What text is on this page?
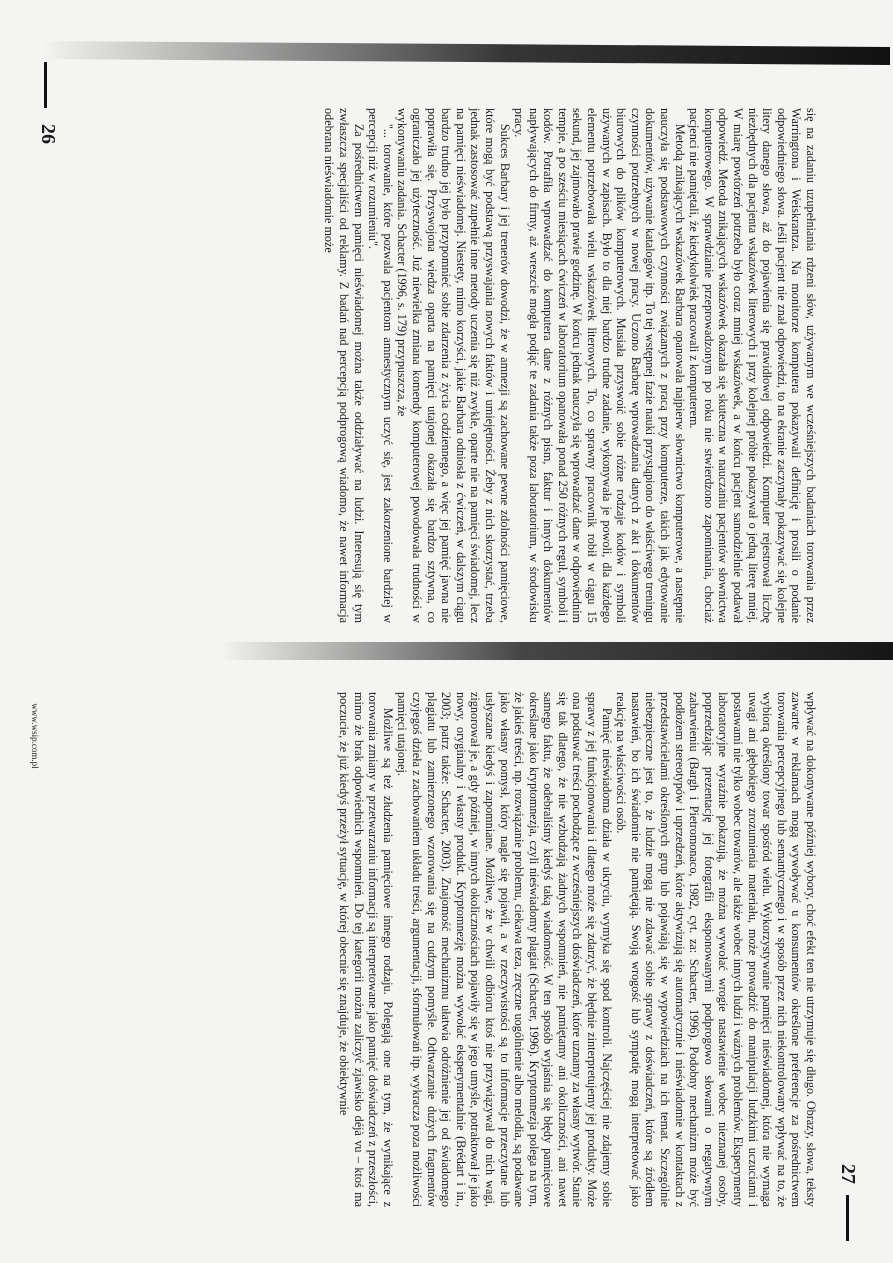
26	się na zadaniu uzupełniania rdzeni słów, używanym we wcześniejszych badaniach torowania przez Warringtona i Weiskrantza. Na monitorze komputera pokazywali definicję i prosili o podanie odpowiedniego słowa. Jeśli pacjent nie znał odpowiedzi, to na ekranie zaczynały pokazywać się kolejne litery danego słowa, aż do pojawienia się prawidłowej odpowiedzi. Komputer rejestrował liczbę niezbędnych dla pacjenta wskazówek literowych i przy kolejnej próbie pokazywał o jedną literę mniej. W miarę powtórzeń potrzeba było coraz mniej wskazówek, a w końcu pacjent samodzielnie podawał odpowiedź. Metoda znikających wskazówek okazała się skuteczna w nauczaniu pacjentów słownictwa komputerowego. W sprawdzianie przeprowadzonym po roku nie stwierdzono zapominania, chociaż pacjenci nie pamiętali, że kiedykolwiek pracowali z komputerem.

Metodą znikających wskazówek Barbara opanowała najpierw słownictwo komputerowe, a następnie nauczyła się podstawowych czynności związanych z pracą przy komputerze, takich jak edytowanie dokumentów, używanie katalogów itp. To tej wstępnej fazie nauki przystąpiono do właściwego treningu czynności potrzebnych w nowej pracy. Uczono Barbarę wprowadzania danych z akt i dokumentów biurowych do plików komputerowych. Musiała przyswoić sobie różne rodzaje kodów i symboli używanych w zapisach. Było to dla niej bardzo trudne zadanie, wykonywała je powoli, dla każdego elementu potrzebowała wielu wskazówek literowych. To, co sprawny pracownik robił w ciągu 15 sekund, jej zajmowało prawie godzinę. W końcu jednak nauczyła się wprowadzać dane w odpowiednim tempie, a po sześciu miesiącach ćwiczeń w laboratorium opanowała ponad 250 różnych reguł, symboli i kodów. Potrafiła wprowadzać do komputera dane z różnych pism, faktur i innych dokumentów napływających do firmy, aż wreszcie mogła podjąć te zadania także poza laboratorium, w środowisku pracy.

Sukces Barbary i jej trenerów dowodzi, że w amnezji są zachowane pewne zdolności pamięciowe, które mogą być podstawą przyswajania nowych faktów i umiejętności. Żeby z nich skorzystać, trzeba jednak zastosować zupełnie inne metody uczenia się niż zwykle, oparte nie na pamięci świadomej, lecz na pamięci nieświadomej. Niestety, mimo korzyści, jakie Barbara odniosła z ćwiczeń, w dalszym ciągu bardzo trudno jej było przypomnieć sobie zdarzenia z życia codziennego, a więc jej pamięć jawna nie poprawiła się. Przyswojona wiedza oparta na pamięci utajonej okazała się bardzo sztywna, co ograniczało jej użyteczność. Już niewielka zmiana komendy komputerowej powodowała trudności w wykonywaniu zadania. Schacter (1996, s. 179) przypuszcza, że

"... torowanie, które pozwala pacjentom amnestycznym uczyć się, jest zakorzenione bardziej w percepcji niż w rozumieniu".

Za pośrednictwem pamięci nieświadomej można także oddziaływać na ludzi. Interesują się tym zwłaszcza specjaliści od reklamy. Z badań nad percepcją podprogową wiadomo, że nawet informacja odebrana nieświadomie może

www.wsip.com.pl	wpływać na dokonywane później wybory, choć efekt ten nie utrzymuje się długo. Obrazy, słowa, teksty zawarte w reklamach mogą wywoływać u konsumentów określone preferencje za pośrednictwem torowania percepcyjnego lub semantycznego i w sposób przez nich niekontrolowany wpływać na to, że wybiorą określony towar spośród wielu. Wykorzystywanie pamięci nieświadomej, która nie wymaga uwagi ani głębokiego zrozumienia materiału, może prowadzić do manipulacji ludzkimi uczuciami i postawami nie tylko wobec towarów, ale także wobec innych ludzi i ważnych problemów. Eksperymenty laboratoryjne wyraźnie pokazują, że można wywołać wrogie nastawienie wobec nieznanej osoby, poprzedzając prezentację jej fotografii eksponowanymi podprogowo słowami o negatywnym zabarwieniu (Bargh i Pietromonaco, 1982, cyt. za: Schacter, 1996). Podobny mechanizm może być podłożem stereotypów i uprzedzeń, które aktywizują się automatycznie i nieświadomie w kontaktach z przedstawicielami określonych grup lub pojawiają się w wypowiedziach na ich temat. Szczególnie niebezpieczne jest to, że ludzie mogą nie zdawać sobie sprawy z doświadczeń, które są źródłem nastawień, bo ich świadomie nie pamiętają. Swoją wrogość lub sympatię mogą interpretować jako reakcję na właściwości osób.

Pamięć nieświadoma działa w ukryciu, wymyka się spod kontroli. Najczęściej nie zdajemy sobie sprawy z jej funkcjonowania i dlatego może się zdarzyć, że błędnie zinterpretujemy jej produkty. Może ona podsuwać treści pochodzące z wcześniejszych doświadczeń, które uznamy za własny wytwór. Stanie się tak dlatego, że nie wzbudzają żadnych wspomnień, nie pamiętamy ani okoliczności, ani nawet samego faktu, że odebraliśmy kiedyś taką wiadomość. W ten sposób wyjaśnia się błędy pamięciowe określane jako kryptomnezja, czyli nieświadomy plagiat (Schacter, 1996). Kryptomnezja polega na tym, że jakieś treści, np. rozwiązanie problemu, ciekawa teza, zręczne uogólnienie albo melodia, są podawane jako własny pomysł, który nagle się pojawił, a w rzeczywistości są to informacje przeczytane lub usłyszane kiedyś i zapomniane. Możliwe, że w chwili odbioru ktoś nie przywiązywał do nich wagi, zignorował je, a gdy później, w innych okolicznościach pojawiły się w jego umyśle, potraktował je jako nowy, oryginalny i własny produkt. Kryptomnezję można wywołać eksperymentalnie (Brédart i in., 2003; patrz także: Schacter, 2003). Znajomość mechanizmu ułatwia odróżnienie jej od świadomego plagiatu lub zamierzonego wzorowania się na cudzym pomyśle. Odtwarzanie dużych fragmentów czyjegoś dzieła z zachowaniem układu treści, argumentacji, sformułowań itp. wykracza poza możliwości pamięci utajonej.

Możliwe są też złudzenia pamięciowe innego rodzaju. Polegają one na tym, że wynikające z torowania zmiany w przetwarzaniu informacji są interpretowane jako pamięć doświadczeń z przeszłości, mimo że brak odpowiednich wspomnień. Do tej kategorii można zaliczyć zjawisko déjà vu – ktoś ma poczucie, że już kiedyś przeżył sytuację, w której obecnie się znajduje, że obiektywnie

27
